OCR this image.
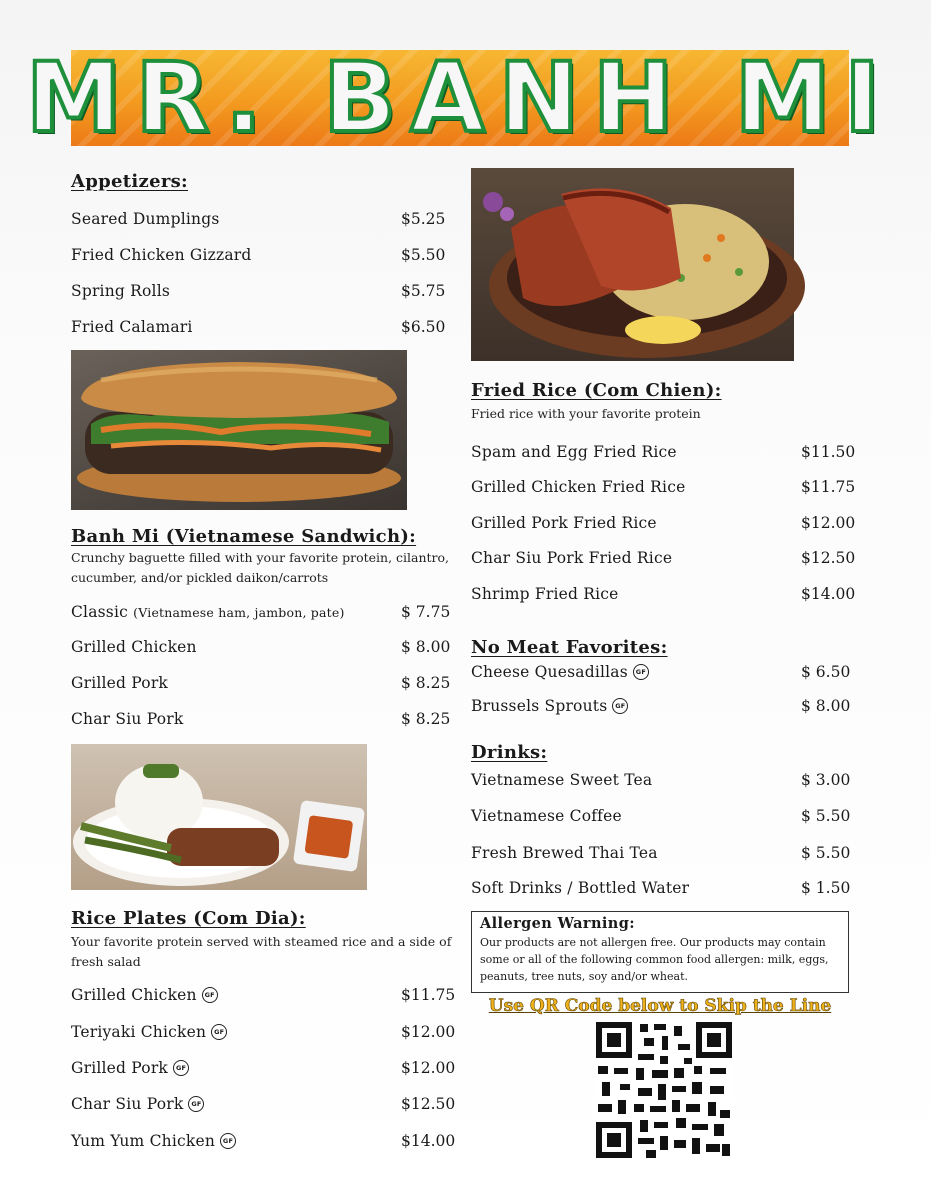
MR. BANH MI
Appetizers:
Seared Dumplings	$5.25
Fried Chicken Gizzard	$5.50
Spring Rolls	$5.75
Fried Calamari	$6.50
Banh Mi (Vietnamese Sandwich):
Crunchy baguette filled with your favorite protein, cilantro, cucumber, and/or pickled daikon/carrots
Classic (Vietnamese ham, jambon, pate)	$ 7.75
Grilled Chicken	$ 8.00
Grilled Pork	$ 8.25
Char Siu Pork	$ 8.25
Rice Plates (Com Dia):
Your favorite protein served with steamed rice and a side of fresh salad
Grilled Chicken GF	$11.75
Teriyaki Chicken GF	$12.00
Grilled Pork GF	$12.00
Char Siu Pork GF	$12.50
Yum Yum Chicken GF	$14.00
Fried Rice (Com Chien):
Fried rice with your favorite protein
Spam and Egg Fried Rice	$11.50
Grilled Chicken Fried Rice	$11.75
Grilled Pork Fried Rice	$12.00
Char Siu Pork Fried Rice	$12.50
Shrimp Fried Rice	$14.00
No Meat Favorites:
Cheese Quesadillas GF	$ 6.50
Brussels Sprouts GF	$ 8.00
Drinks:
Vietnamese Sweet Tea	$ 3.00
Vietnamese Coffee	$ 5.50
Fresh Brewed Thai Tea	$ 5.50
Soft Drinks / Bottled Water	$ 1.50
Allergen Warning:
Our products are not allergen free. Our products may contain some or all of the following common food allergen: milk, eggs, peanuts, tree nuts, soy and/or wheat.
Use QR Code below to Skip the Line
